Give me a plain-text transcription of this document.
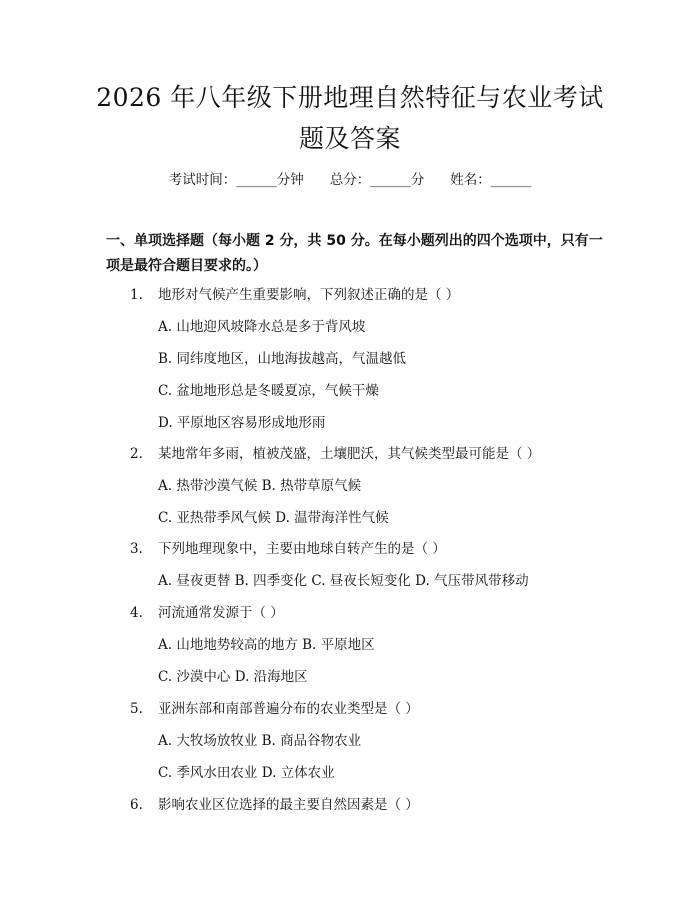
2026 年八年级下册地理自然特征与农业考试
题及答案
考试时间：______分钟 总分：______分 姓名：______
一、单项选择题（每小题 2 分，共 50 分。在每小题列出的四个选项中，只有一项是最符合题目要求的。）
1. 地形对气候产生重要影响，下列叙述正确的是（ ）
A. 山地迎风坡降水总是多于背风坡
B. 同纬度地区，山地海拔越高，气温越低
C. 盆地地形总是冬暖夏凉，气候干燥
D. 平原地区容易形成地形雨
2. 某地常年多雨，植被茂盛，土壤肥沃，其气候类型最可能是（ ）
A. 热带沙漠气候 B. 热带草原气候
C. 亚热带季风气候 D. 温带海洋性气候
3. 下列地理现象中，主要由地球自转产生的是（ ）
A. 昼夜更替 B. 四季变化 C. 昼夜长短变化 D. 气压带风带移动
4. 河流通常发源于（ ）
A. 山地地势较高的地方 B. 平原地区
C. 沙漠中心 D. 沿海地区
5. 亚洲东部和南部普遍分布的农业类型是（ ）
A. 大牧场放牧业 B. 商品谷物农业
C. 季风水田农业 D. 立体农业
6. 影响农业区位选择的最主要自然因素是（ ）
